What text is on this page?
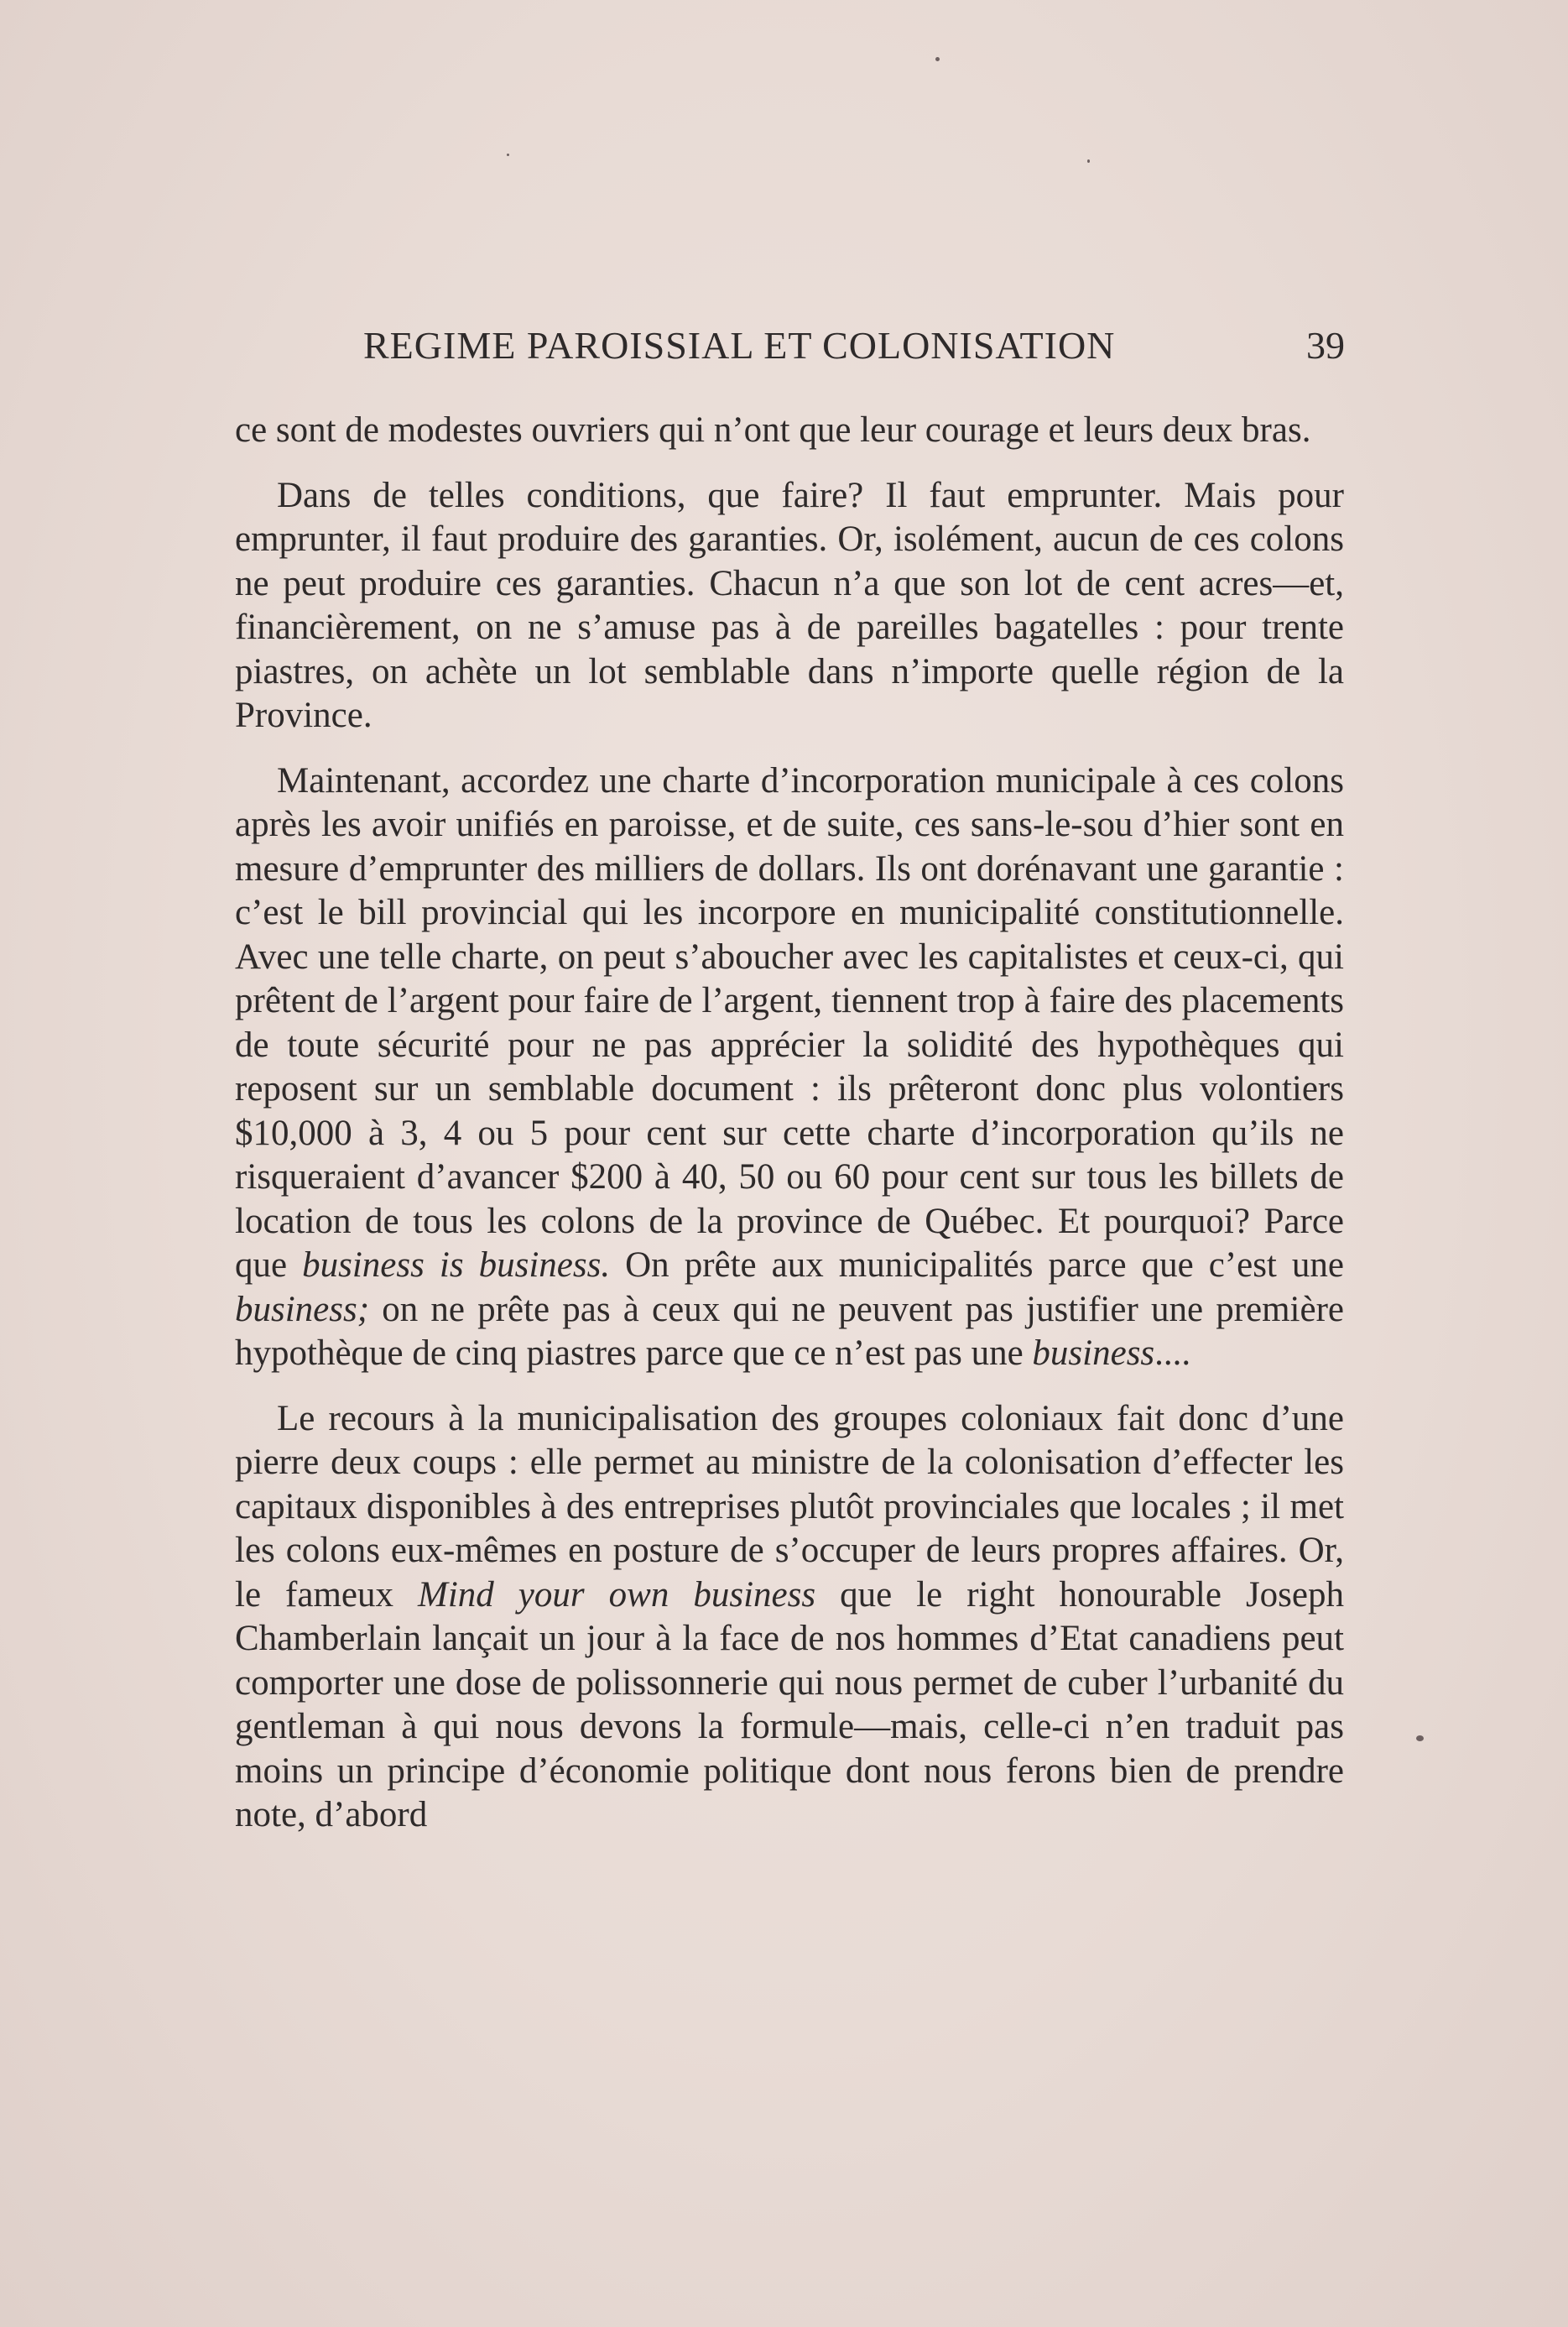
REGIME PAROISSIAL ET COLONISATION	39

ce sont de modestes ouvriers qui n’ont que leur courage et leurs deux bras.

Dans de telles conditions, que faire? Il faut emprunter. Mais pour emprunter, il faut produire des garanties. Or, isolément, aucun de ces colons ne peut produire ces garanties. Chacun n’a que son lot de cent acres—et, financièrement, on ne s’amuse pas à de pareilles bagatelles : pour trente piastres, on achète un lot semblable dans n’importe quelle région de la Province.

Maintenant, accordez une charte d’incorporation municipale à ces colons après les avoir unifiés en paroisse, et de suite, ces sans-le-sou d’hier sont en mesure d’emprunter des milliers de dollars. Ils ont dorénavant une garantie : c’est le bill provincial qui les incorpore en municipalité constitutionnelle. Avec une telle charte, on peut s’aboucher avec les capitalistes et ceux-ci, qui prêtent de l’argent pour faire de l’argent, tiennent trop à faire des placements de toute sécurité pour ne pas apprécier la solidité des hypothèques qui reposent sur un semblable document : ils prêteront donc plus volontiers $10,000 à 3, 4 ou 5 pour cent sur cette charte d’incorporation qu’ils ne risqueraient d’avancer $200 à 40, 50 ou 60 pour cent sur tous les billets de location de tous les colons de la province de Québec. Et pourquoi? Parce que business is business. On prête aux municipalités parce que c’est une business; on ne prête pas à ceux qui ne peuvent pas justifier une première hypothèque de cinq piastres parce que ce n’est pas une business....

Le recours à la municipalisation des groupes coloniaux fait donc d’une pierre deux coups : elle permet au ministre de la colonisation d’effecter les capitaux disponibles à des entreprises plutôt provinciales que locales ; il met les colons eux-mêmes en posture de s’occuper de leurs propres affaires. Or, le fameux Mind your own business que le right honourable Joseph Chamberlain lançait un jour à la face de nos hommes d’Etat canadiens peut comporter une dose de polissonnerie qui nous permet de cuber l’urbanité du gentleman à qui nous devons la formule—mais, celle-ci n’en traduit pas moins un principe d’économie politique dont nous ferons bien de prendre note, d’abord
